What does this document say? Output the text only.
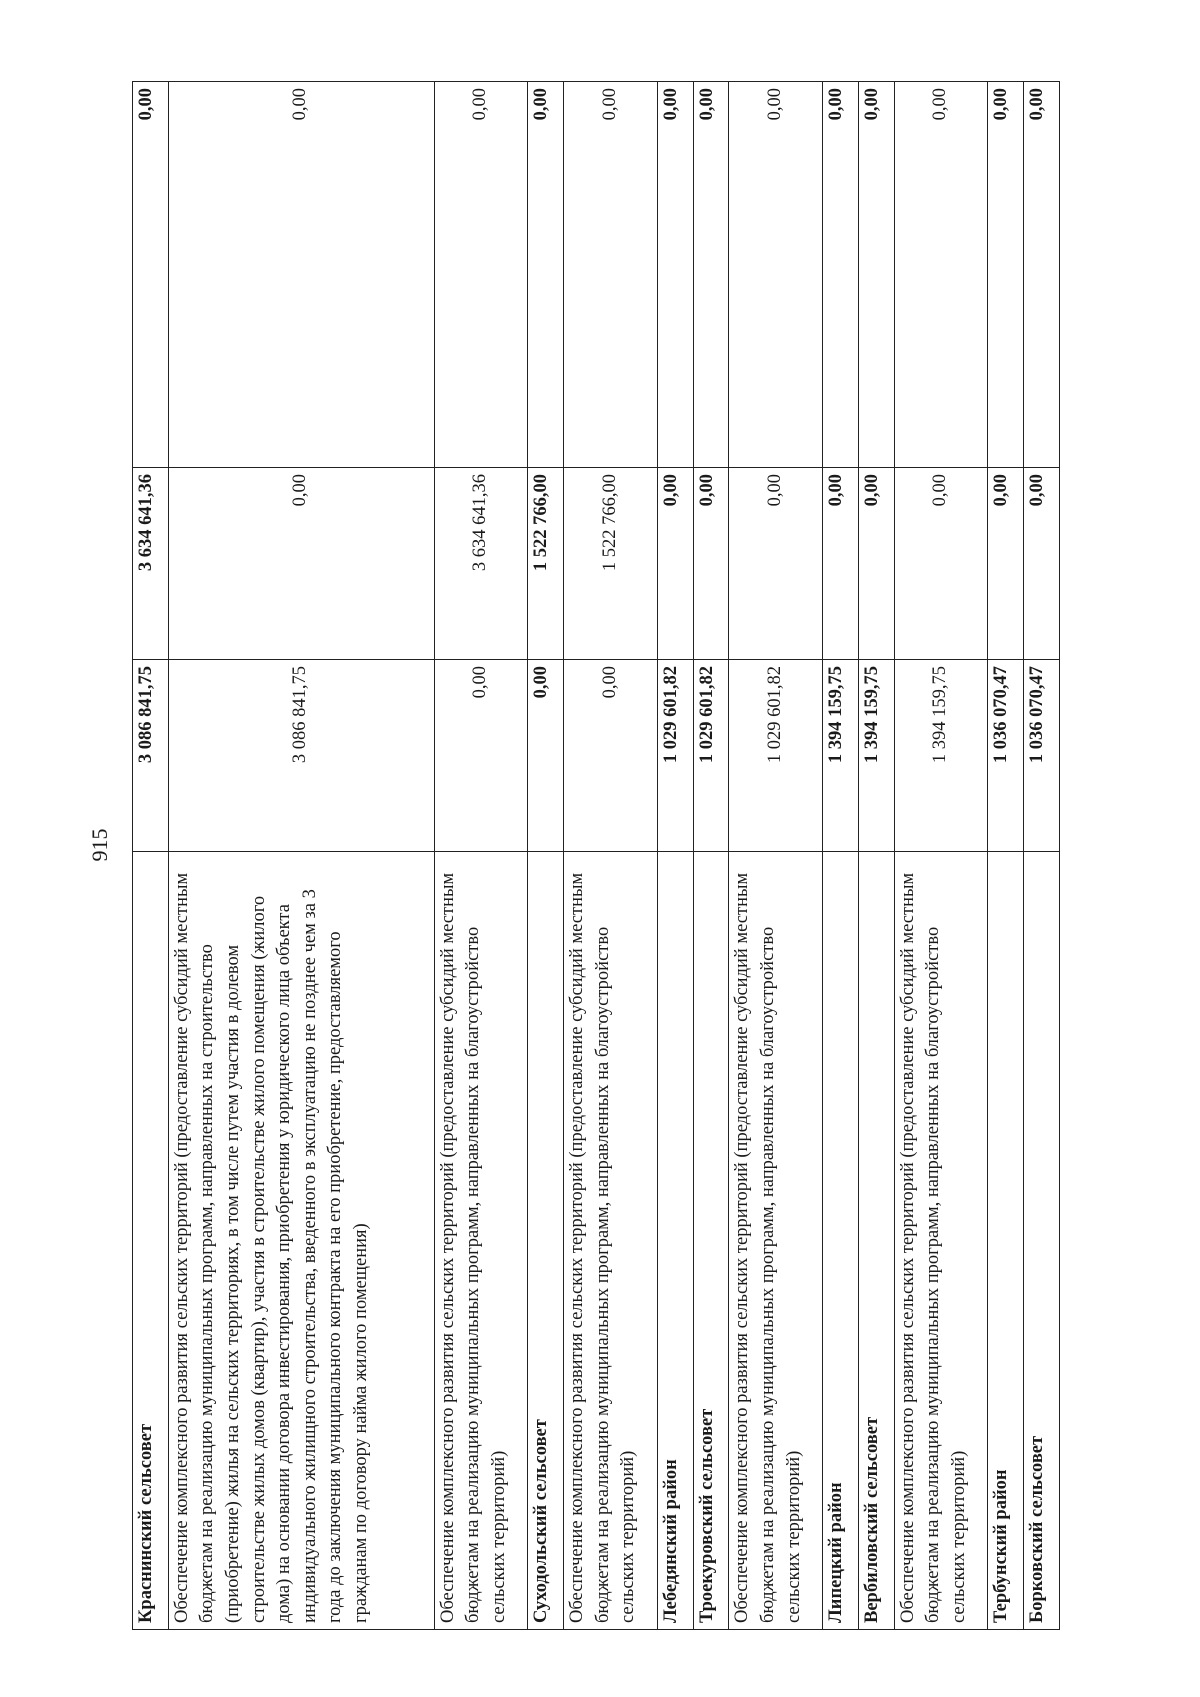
915
Краснинский сельсовет	3 086 841,75	3 634 641,36	0,00
Обеспечение комплексного развития сельских территорий (предоставление субсидий местным бюджетам на реализацию муниципальных программ, направленных на строительство (приобретение) жилья на сельских территориях, в том числе путем участия в долевом строительстве жилых домов (квартир), участия в строительстве жилого помещения (жилого дома) на основании договора инвестирования, приобретения у юридического лица объекта индивидуального жилищного строительства, введенного в эксплуатацию не позднее чем за 3 года до заключения муниципального контракта на его приобретение, предоставляемого гражданам по договору найма жилого помещения)	3 086 841,75	0,00	0,00
Обеспечение комплексного развития сельских территорий (предоставление субсидий местным бюджетам на реализацию муниципальных программ, направленных на благоустройство сельских территорий)	0,00	3 634 641,36	0,00
Суходольский сельсовет	0,00	1 522 766,00	0,00
Обеспечение комплексного развития сельских территорий (предоставление субсидий местным бюджетам на реализацию муниципальных программ, направленных на благоустройство сельских территорий)	0,00	1 522 766,00	0,00
Лебедянский район	1 029 601,82	0,00	0,00
Троекуровский сельсовет	1 029 601,82	0,00	0,00
Обеспечение комплексного развития сельских территорий (предоставление субсидий местным бюджетам на реализацию муниципальных программ, направленных на благоустройство сельских территорий)	1 029 601,82	0,00	0,00
Липецкий район	1 394 159,75	0,00	0,00
Вербиловский сельсовет	1 394 159,75	0,00	0,00
Обеспечение комплексного развития сельских территорий (предоставление субсидий местным бюджетам на реализацию муниципальных программ, направленных на благоустройство сельских территорий)	1 394 159,75	0,00	0,00
Тербунский район	1 036 070,47	0,00	0,00
Борковский сельсовет	1 036 070,47	0,00	0,00
